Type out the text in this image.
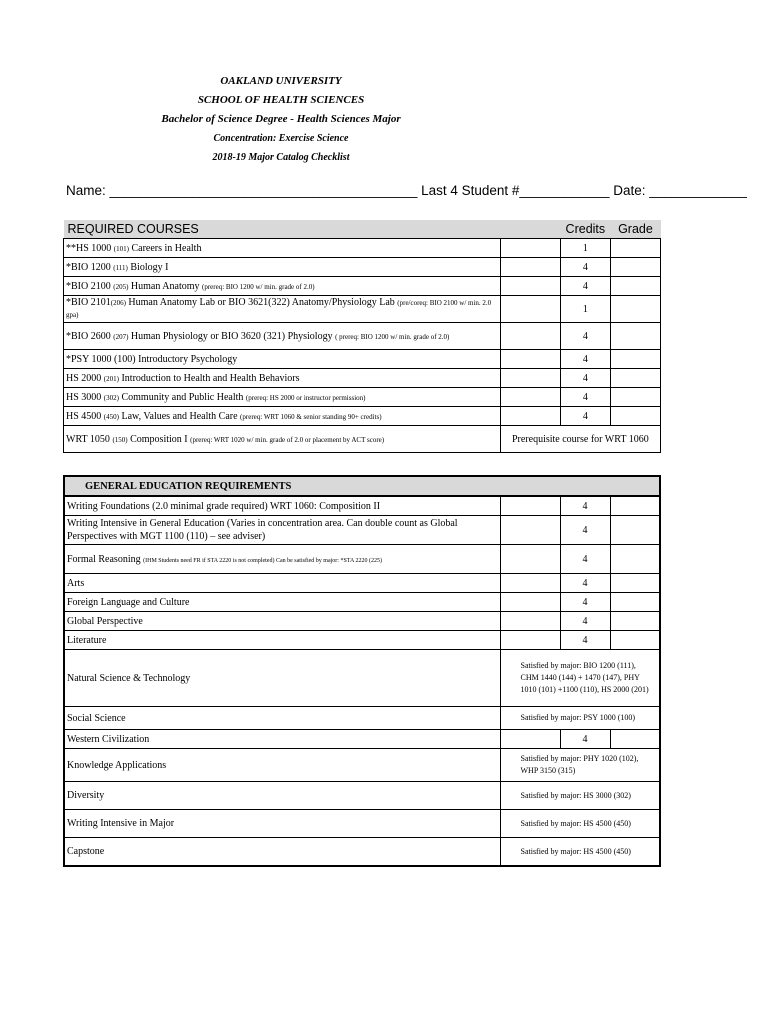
OAKLAND UNIVERSITY
SCHOOL OF HEALTH SCIENCES
Bachelor of Science Degree - Health Sciences Major
Concentration: Exercise Science
2018-19 Major Catalog Checklist
Name: _________________________________________ Last 4 Student #____________ Date: _____________
REQUIRED COURSES		Credits	Grade
**HS 1000 (101) Careers in Health		1	
*BIO 1200 (111) Biology I		4	
*BIO 2100 (205) Human Anatomy (prereq: BIO 1200 w/ min. grade of 2.0)		4	
*BIO 2101(206) Human Anatomy Lab or BIO 3621(322) Anatomy/Physiology Lab (pre/coreq: BIO 2100 w/ min. 2.0 gpa)		1	
*BIO 2600 (207) Human Physiology or BIO 3620 (321) Physiology ( prereq: BIO 1200 w/ min. grade of 2.0)		4	
*PSY 1000 (100) Introductory Psychology		4	
HS 2000 (201) Introduction to Health and Health Behaviors		4	
HS 3000 (302) Community and Public Health (prereq: HS 2000 or instructor permission)		4	
HS 4500 (450) Law, Values and Health Care (prereq: WRT 1060 & senior standing 90+ credits)		4	
WRT 1050 (150) Composition I (prereq: WRT 1020 w/ min. grade of 2.0 or placement by ACT score)	Prerequisite course for WRT 1060		
GENERAL EDUCATION REQUIREMENTS			
Writing Foundations (2.0 minimal grade required) WRT 1060: Composition II		4	
Writing Intensive in General Education (Varies in concentration area. Can double count as Global Perspectives with MGT 1100 (110) – see adviser)		4	
Formal Reasoning (IHM Students need FR if STA 2220 is not completed) Can be satisfied by major: *STA 2220 (225)		4	
Arts		4	
Foreign Language and Culture		4	
Global Perspective		4	
Literature		4	
Natural Science & Technology	Satisfied by major: BIO 1200 (111), CHM 1440 (144) + 1470 (147), PHY 1010 (101) +1100 (110), HS 2000 (201)		
Social Science	Satisfied by major: PSY 1000 (100)		
Western Civilization		4	
Knowledge Applications	Satisfied by major: PHY 1020 (102), WHP 3150 (315)		
Diversity	Satisfied by major: HS 3000 (302)		
Writing Intensive in Major	Satisfied by major: HS 4500 (450)		
Capstone	Satisfied by major: HS 4500 (450)		
